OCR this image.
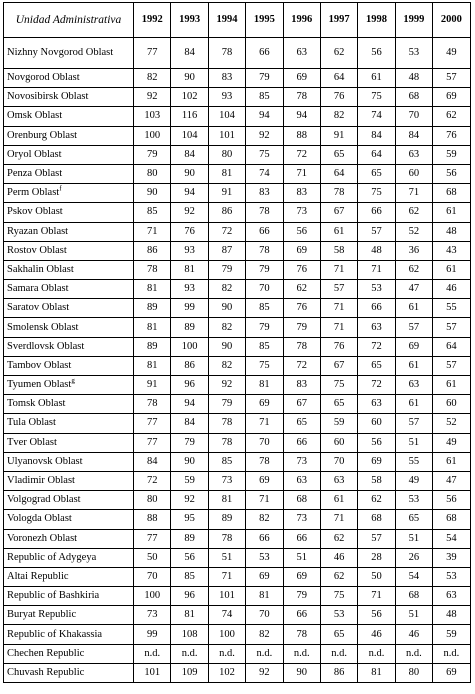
Unidad Administrativa	1992	1993	1994	1995	1996	1997	1998	1999	2000
Nizhny Novgorod Oblast	77	84	78	66	63	62	56	53	49
Novgorod Oblast	82	90	83	79	69	64	61	48	57
Novosibirsk Oblast	92	102	93	85	78	76	75	68	69
Omsk Oblast	103	116	104	94	94	82	74	70	62
Orenburg Oblast	100	104	101	92	88	91	84	84	76
Oryol Oblast	79	84	80	75	72	65	64	63	59
Penza Oblast	80	90	81	74	71	64	65	60	56
Perm Oblast$^f$	90	94	91	83	83	78	75	71	68
Pskov Oblast	85	92	86	78	73	67	66	62	61
Ryazan Oblast	71	76	72	66	56	61	57	52	48
Rostov Oblast	86	93	87	78	69	58	48	36	43
Sakhalin Oblast	78	81	79	79	76	71	71	62	61
Samara Oblast	81	93	82	70	62	57	53	47	46
Saratov Oblast	89	99	90	85	76	71	66	61	55
Smolensk Oblast	81	89	82	79	79	71	63	57	57
Sverdlovsk Oblast	89	100	90	85	78	76	72	69	64
Tambov Oblast	81	86	82	75	72	67	65	61	57
Tyumen Oblast$^g$	91	96	92	81	83	75	72	63	61
Tomsk Oblast	78	94	79	69	67	65	63	61	60
Tula Oblast	77	84	78	71	65	59	60	57	52
Tver Oblast	77	79	78	70	66	60	56	51	49
Ulyanovsk Oblast	84	90	85	78	73	70	69	55	61
Vladimir Oblast	72	59	73	69	63	63	58	49	47
Volgograd Oblast	80	92	81	71	68	61	62	53	56
Vologda Oblast	88	95	89	82	73	71	68	65	68
Voronezh Oblast	77	89	78	66	66	62	57	51	54
Republic of Adygeya	50	56	51	53	51	46	28	26	39
Altai Republic	70	85	71	69	69	62	50	54	53
Republic of Bashkiria	100	96	101	81	79	75	71	68	63
Buryat Republic	73	81	74	70	66	53	56	51	48
Republic of Khakassia	99	108	100	82	78	65	46	46	59
Chechen Republic	n.d.	n.d.	n.d.	n.d.	n.d.	n.d.	n.d.	n.d.	n.d.
Chuvash Republic	101	109	102	92	90	86	81	80	69
